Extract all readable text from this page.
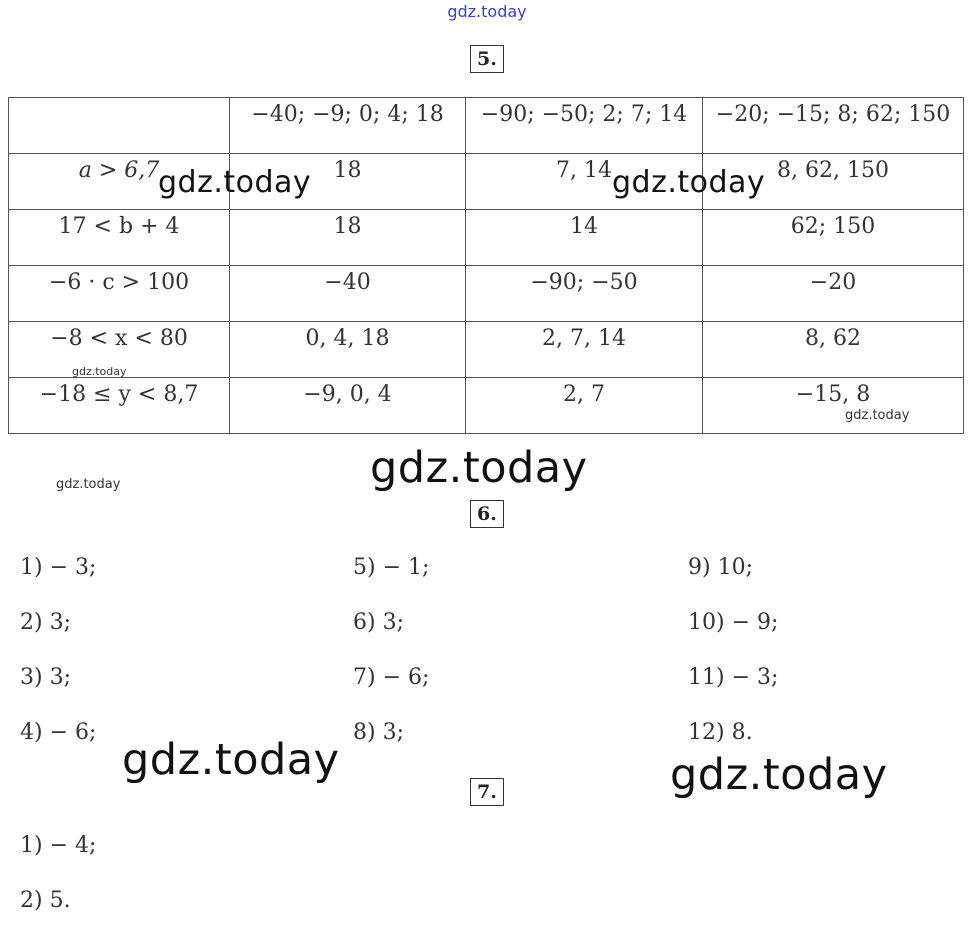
gdz.today
5.
	−40; −9; 0; 4; 18	−90; −50; 2; 7; 14	−20; −15; 8; 62; 150
a > 6,7	18	7, 14	8, 62, 150
17 < b + 4	18	14	62; 150
−6 · c > 100	−40	−90; −50	−20
−8 < x < 80	0, 4, 18	2, 7, 14	8, 62
−18 ≤ y < 8,7	−9, 0, 4	2, 7	−15, 8
gdz.today	gdz.today
gdz.today
gdz.today
gdz.today
gdz.today
6.
1) − 3;
2) 3;
3) 3;
4) − 6;
5) − 1;
6) 3;
7) − 6;
8) 3;
9) 10;
10) − 9;
11) − 3;
12) 8.
gdz.today	gdz.today
7.
1) − 4;
2) 5.
